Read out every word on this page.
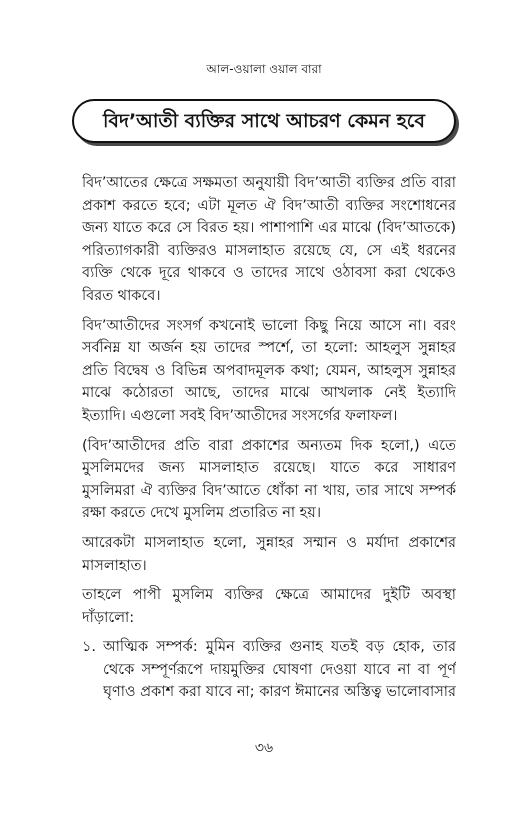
আল-ওয়ালা ওয়াল বারা
বিদ’আতী ব্যক্তির সাথে আচরণ কেমন হবে
বিদ’আতের ক্ষেত্রে সক্ষমতা অনুযায়ী বিদ’আতী ব্যক্তির প্রতি বারা
প্রকাশ করতে হবে; এটা মূলত ঐ বিদ’আতী ব্যক্তির সংশোধনের
জন্য যাতে করে সে বিরত হয়। পাশাপাশি এর মাঝে (বিদ’আতকে)
পরিত্যাগকারী ব্যক্তিরও মাসলাহাত রয়েছে যে, সে এই ধরনের
ব্যক্তি থেকে দূরে থাকবে ও তাদের সাথে ওঠাবসা করা থেকেও
বিরত থাকবে।
বিদ’আতীদের সংসর্গ কখনোই ভালো কিছু নিয়ে আসে না। বরং
সর্বনিম্ন যা অর্জন হয় তাদের স্পর্শে, তা হলো: আহলুস সুন্নাহর
প্রতি বিদ্বেষ ও বিভিন্ন অপবাদমূলক কথা; যেমন, আহলুস সুন্নাহর
মাঝে কঠোরতা আছে, তাদের মাঝে আখলাক নেই ইত্যাদি
ইত্যাদি। এগুলো সবই বিদ’আতীদের সংসর্গের ফলাফল।
(বিদ’আতীদের প্রতি বারা প্রকাশের অন্যতম দিক হলো,) এতে
মুসলিমদের জন্য মাসলাহাত রয়েছে। যাতে করে সাধারণ
মুসলিমরা ঐ ব্যক্তির বিদ’আতে ধোঁকা না খায়, তার সাথে সম্পর্ক
রক্ষা করতে দেখে মুসলিম প্রতারিত না হয়।
আরেকটা মাসলাহাত হলো, সুন্নাহর সম্মান ও মর্যাদা প্রকাশের
মাসলাহাত।
তাহলে পাপী মুসলিম ব্যক্তির ক্ষেত্রে আমাদের দুইটি অবস্থা
দাঁড়ালো:
১. আত্মিক সম্পর্ক: মুমিন ব্যক্তির গুনাহ যতই বড় হোক, তার
থেকে সম্পূর্ণরূপে দায়মুক্তির ঘোষণা দেওয়া যাবে না বা পূর্ণ
ঘৃণাও প্রকাশ করা যাবে না; কারণ ঈমানের অস্তিত্ব ভালোবাসার
৩৬
